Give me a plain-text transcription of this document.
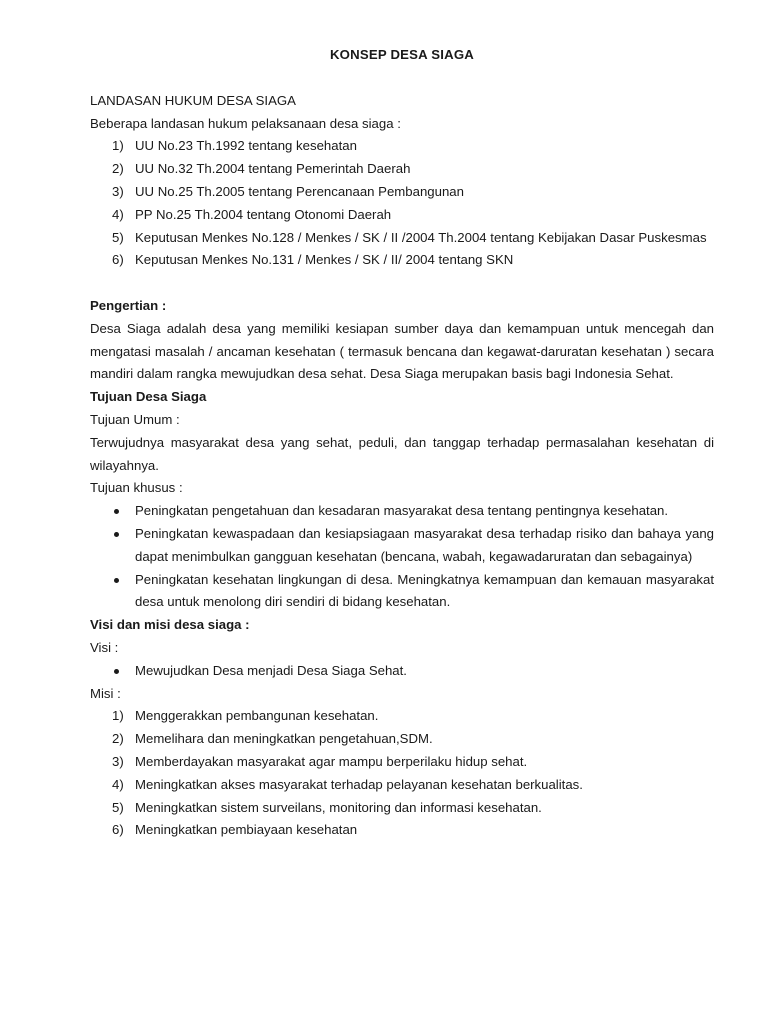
KONSEP DESA SIAGA

LANDASAN HUKUM DESA SIAGA

Beberapa landasan hukum pelaksanaan desa siaga :

1) UU No.23 Th.1992 tentang kesehatan
2) UU No.32 Th.2004 tentang Pemerintah Daerah
3) UU No.25 Th.2005 tentang Perencanaan Pembangunan
4) PP No.25 Th.2004 tentang Otonomi Daerah
5) Keputusan Menkes No.128 / Menkes / SK / II /2004 Th.2004 tentang Kebijakan Dasar Puskesmas
6) Keputusan Menkes No.131 / Menkes / SK / II/ 2004 tentang SKN

Pengertian :

Desa Siaga adalah desa yang memiliki kesiapan sumber daya dan kemampuan untuk mencegah dan mengatasi masalah / ancaman kesehatan ( termasuk bencana dan kegawat-daruratan kesehatan ) secara mandiri dalam rangka mewujudkan desa sehat. Desa Siaga merupakan basis bagi Indonesia Sehat.

Tujuan Desa Siaga

Tujuan Umum :

Terwujudnya masyarakat desa yang sehat, peduli, dan tanggap terhadap permasalahan kesehatan di wilayahnya.

Tujuan khusus :

Peningkatan pengetahuan dan kesadaran masyarakat desa tentang pentingnya kesehatan.
Peningkatan kewaspadaan dan kesiapsiagaan masyarakat desa terhadap risiko dan bahaya yang dapat menimbulkan gangguan kesehatan (bencana, wabah, kegawadaruratan dan sebagainya)
Peningkatan kesehatan lingkungan di desa. Meningkatnya kemampuan dan kemauan masyarakat desa untuk menolong diri sendiri di bidang kesehatan.

Visi dan misi desa siaga :

Visi :

Mewujudkan Desa menjadi Desa Siaga Sehat.

Misi :

1) Menggerakkan pembangunan kesehatan.
2) Memelihara dan meningkatkan pengetahuan,SDM.
3) Memberdayakan masyarakat agar mampu berperilaku hidup sehat.
4) Meningkatkan akses masyarakat terhadap pelayanan kesehatan berkualitas.
5) Meningkatkan sistem surveilans, monitoring dan informasi kesehatan.
6) Meningkatkan pembiayaan kesehatan
